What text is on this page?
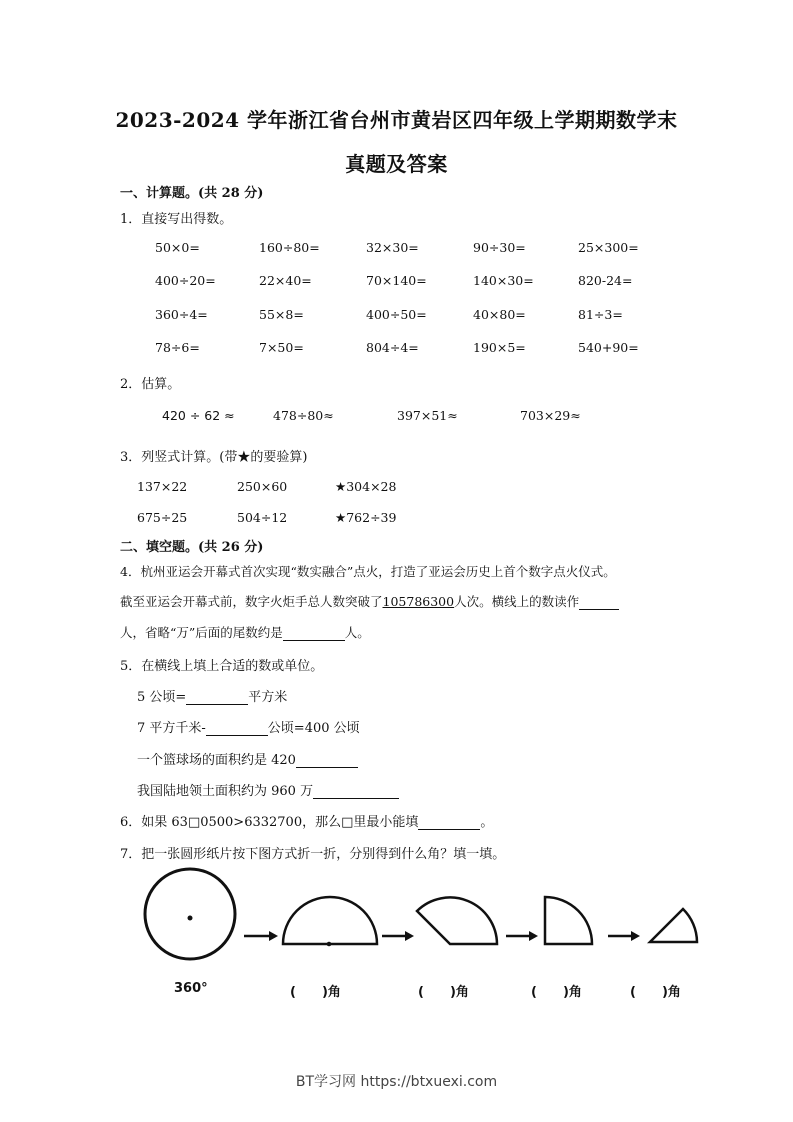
2023-2024 学年浙江省台州市黄岩区四年级上学期期数学末
真题及答案
一、计算题。(共 28 分)
1．直接写出得数。
50×0=	160÷80=	32×30=	90÷30=	25×300=
400÷20=	22×40=	70×140=	140×30=	820-24=
360÷4=	55×8=	400÷50=	40×80=	81÷3=
78÷6=	7×50=	804÷4=	190×5=	540+90=
2．估算。
420 ÷ 62 ≈	478÷80≈	397×51≈	703×29≈
3．列竖式计算。(带★的要验算)
137×22	250×60	★304×28
675÷25	504÷12	★762÷39
二、填空题。(共 26 分)
4．杭州亚运会开幕式首次实现“数实融合”点火，打造了亚运会历史上首个数字点火仪式。
截至亚运会开幕式前，数字火炬手总人数突破了105786300人次。横线上的数读作
人，省略“万”后面的尾数约是	人。
5．在横线上填上合适的数或单位。
5 公顷=	平方米
7 平方千米-	公顷=400 公顷
一个篮球场的面积约是 420
我国陆地领土面积约为 960 万
6．如果 63□0500>6332700，那么□里最小能填	。
7．把一张圆形纸片按下图方式折一折，分别得到什么角？填一填。
360°	(　　)角	(　　)角	(　　)角	(　　)角
BT学习网 https://btxuexi.com
